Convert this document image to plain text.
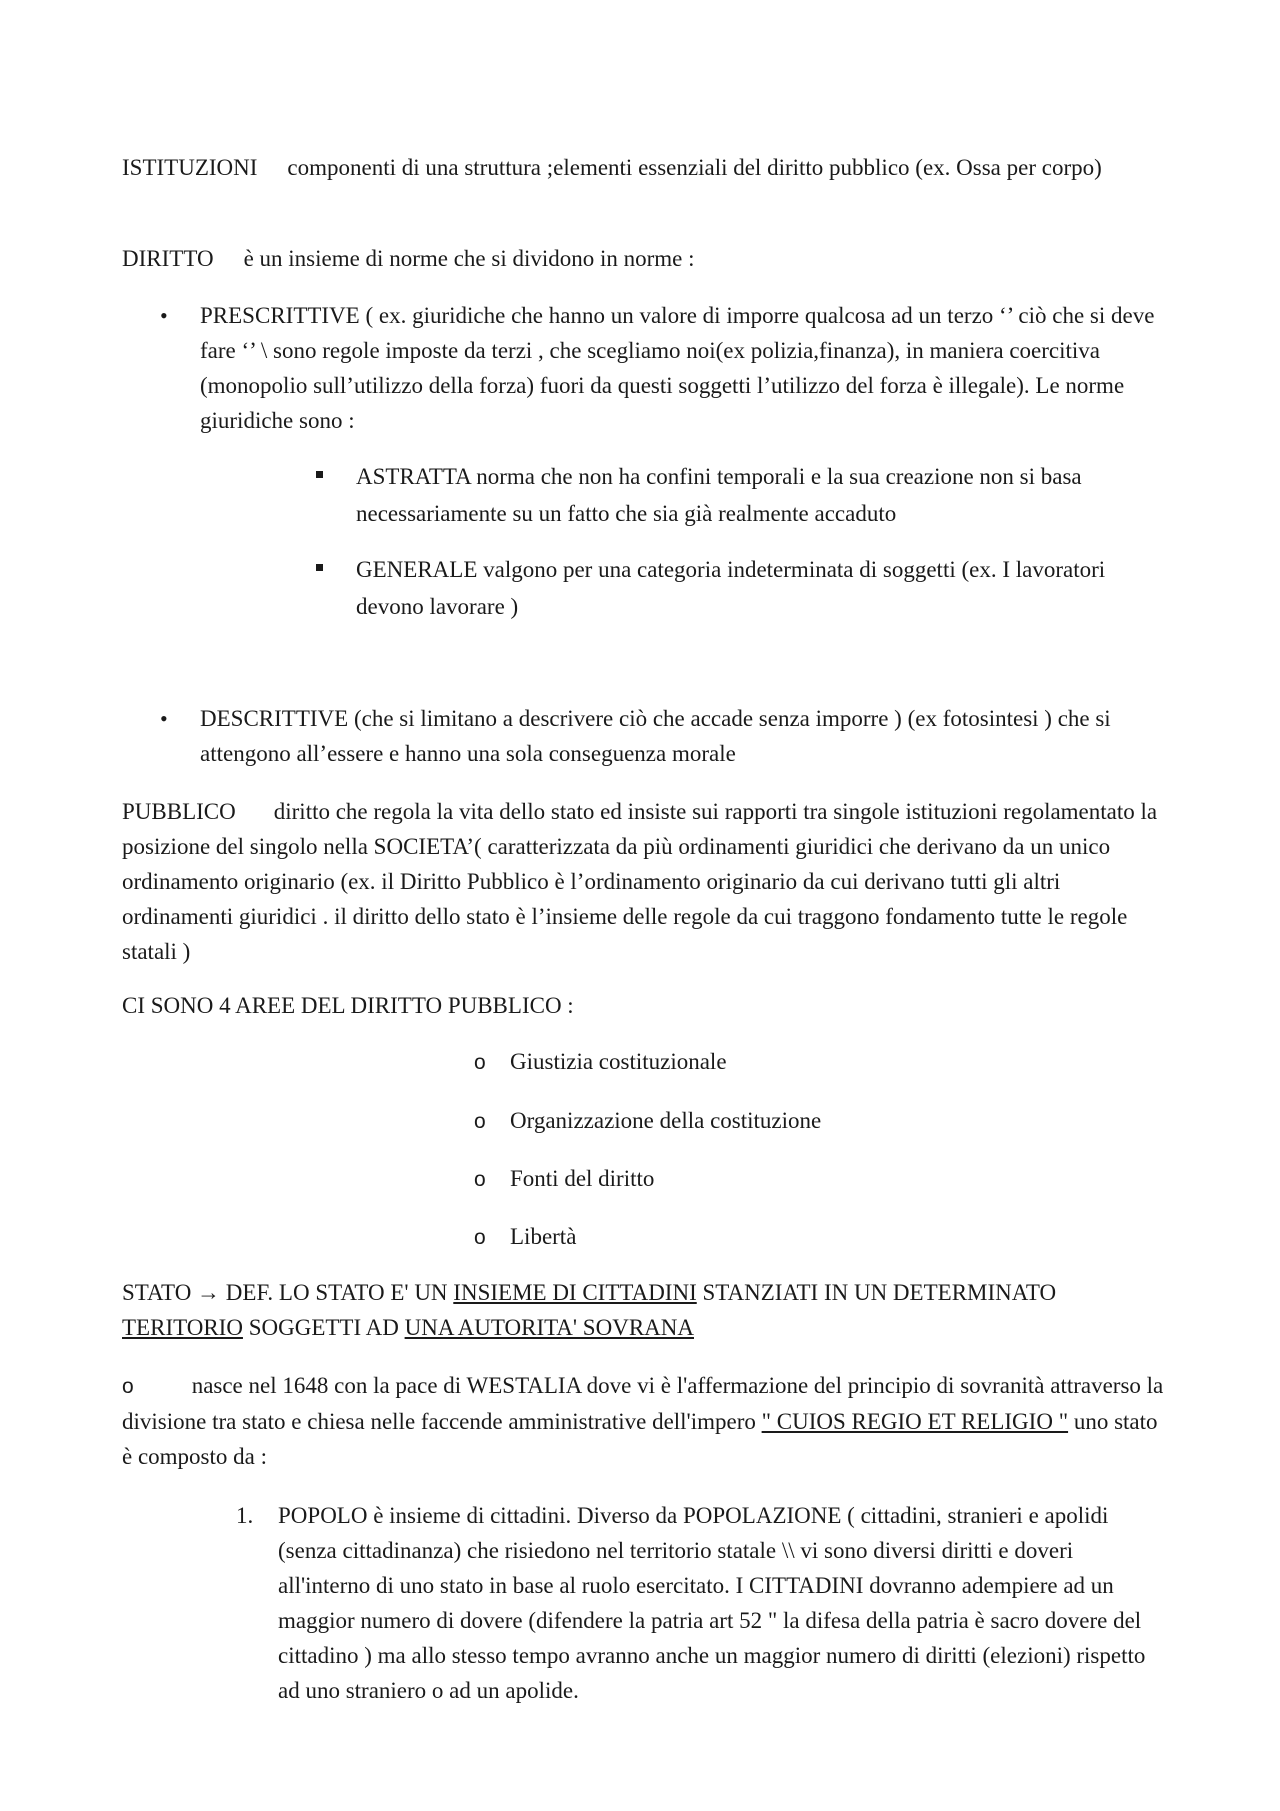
ISTITUZIONI componenti di una struttura ;elementi essenziali del diritto pubblico (ex. Ossa per corpo)

DIRITTO è un insieme di norme che si dividono in norme :

• PRESCRITTIVE ( ex. giuridiche che hanno un valore di imporre qualcosa ad un terzo ‘’ ciò che si deve fare ‘’ \ sono regole imposte da terzi , che scegliamo noi(ex polizia,finanza), in maniera coercitiva (monopolio sull’utilizzo della forza) fuori da questi soggetti l’utilizzo del forza è illegale). Le norme giuridiche sono :
ASTRATTA norma che non ha confini temporali e la sua creazione non si basa necessariamente su un fatto che sia già realmente accaduto
GENERALE valgono per una categoria indeterminata di soggetti (ex. I lavoratori devono lavorare )
• DESCRITTIVE (che si limitano a descrivere ciò che accade senza imporre ) (ex fotosintesi ) che si attengono all’essere e hanno una sola conseguenza morale

PUBBLICO diritto che regola la vita dello stato ed insiste sui rapporti tra singole istituzioni regolamentato la posizione del singolo nella SOCIETA’( caratterizzata da più ordinamenti giuridici che derivano da un unico ordinamento originario (ex. il Diritto Pubblico è l’ordinamento originario da cui derivano tutti gli altri ordinamenti giuridici . il diritto dello stato è l’insieme delle regole da cui traggono fondamento tutte le regole statali )

CI SONO 4 AREE DEL DIRITTO PUBBLICO :

o Giustizia costituzionale
o Organizzazione della costituzione
o Fonti del diritto
o Libertà

STATO → DEF. LO STATO E' UN INSIEME DI CITTADINI STANZIATI IN UN DETERMINATO TERITORIO SOGGETTI AD UNA AUTORITA' SOVRANA

o	nasce nel 1648 con la pace di WESTALIA dove vi è l'affermazione del principio di sovranità attraverso la divisione tra stato e chiesa nelle faccende amministrative dell'impero " CUIOS REGIO ET RELIGIO " uno stato è composto da :

1. POPOLO è insieme di cittadini. Diverso da POPOLAZIONE ( cittadini, stranieri e apolidi (senza cittadinanza) che risiedono nel territorio statale \\ vi sono diversi diritti e doveri all'interno di uno stato in base al ruolo esercitato. I CITTADINI dovranno adempiere ad un maggior numero di dovere (difendere la patria art 52 " la difesa della patria è sacro dovere del cittadino ) ma allo stesso tempo avranno anche un maggior numero di diritti (elezioni) rispetto ad uno straniero o ad un apolide.
